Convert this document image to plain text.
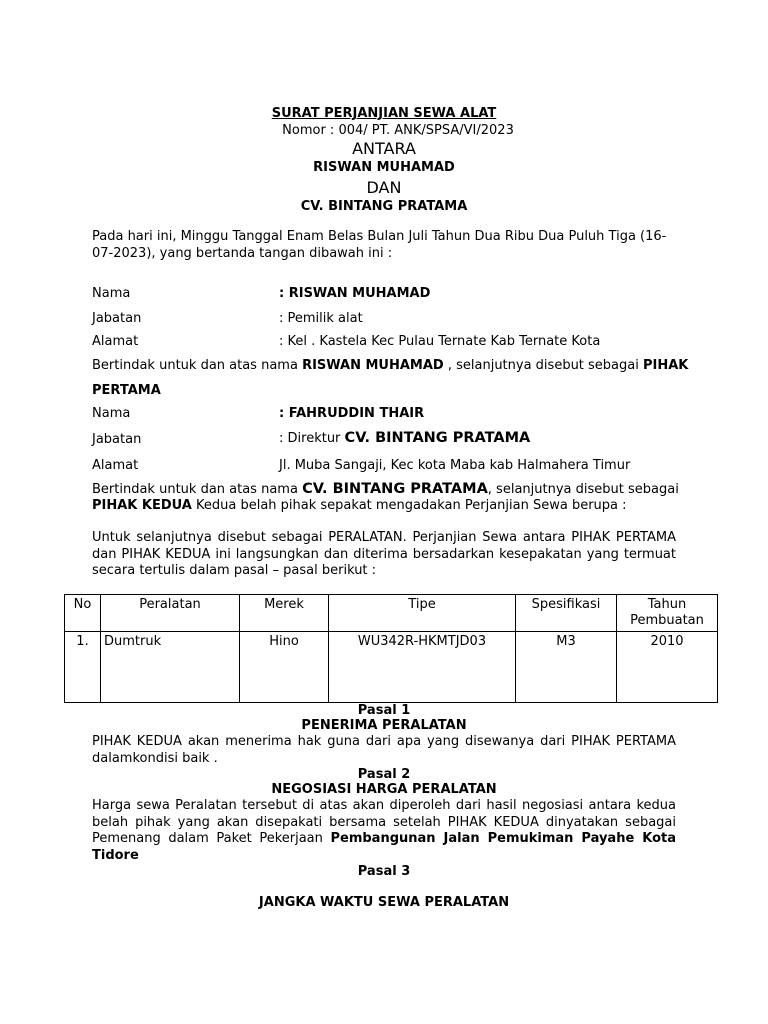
SURAT PERJANJIAN SEWA ALAT
Nomor : 004/ PT. ANK/SPSA/VI/2023
ANTARA
RISWAN MUHAMAD
DAN
CV. BINTANG PRATAMA
Pada hari ini, Minggu Tanggal Enam Belas Bulan Juli Tahun Dua Ribu Dua Puluh Tiga (16-07-2023), yang bertanda tangan dibawah ini :
Nama	: RISWAN MUHAMAD
Jabatan	: Pemilik alat
Alamat	: Kel . Kastela Kec Pulau Ternate Kab Ternate Kota
Bertindak untuk dan atas nama RISWAN MUHAMAD , selanjutnya disebut sebagai PIHAK
PERTAMA
Nama	: FAHRUDDIN THAIR
Jabatan	: Direktur CV. BINTANG PRATAMA
Alamat	Jl. Muba Sangaji, Kec kota Maba kab Halmahera Timur
Bertindak untuk dan atas nama CV. BINTANG PRATAMA, selanjutnya disebut sebagai
PIHAK KEDUA Kedua belah pihak sepakat mengadakan Perjanjian Sewa berupa :
Untuk selanjutnya disebut sebagai PERALATAN. Perjanjian Sewa antara PIHAK PERTAMA dan PIHAK KEDUA ini langsungkan dan diterima bersadarkan kesepakatan yang termuat secara tertulis dalam pasal – pasal berikut :
No	Peralatan	Merek	Tipe	Spesifikasi	Tahun Pembuatan
1.	Dumtruk	Hino	WU342R-HKMTJD03	M3	2010
Pasal 1
PENERIMA PERALATAN
PIHAK KEDUA akan menerima hak guna dari apa yang disewanya dari PIHAK PERTAMA dalamkondisi baik .
Pasal 2
NEGOSIASI HARGA PERALATAN
Harga sewa Peralatan tersebut di atas akan diperoleh dari hasil negosiasi antara kedua belah pihak yang akan disepakati bersama setelah PIHAK KEDUA dinyatakan sebagai Pemenang dalam Paket Pekerjaan Pembangunan Jalan Pemukiman Payahe Kota Tidore
Pasal 3
JANGKA WAKTU SEWA PERALATAN
